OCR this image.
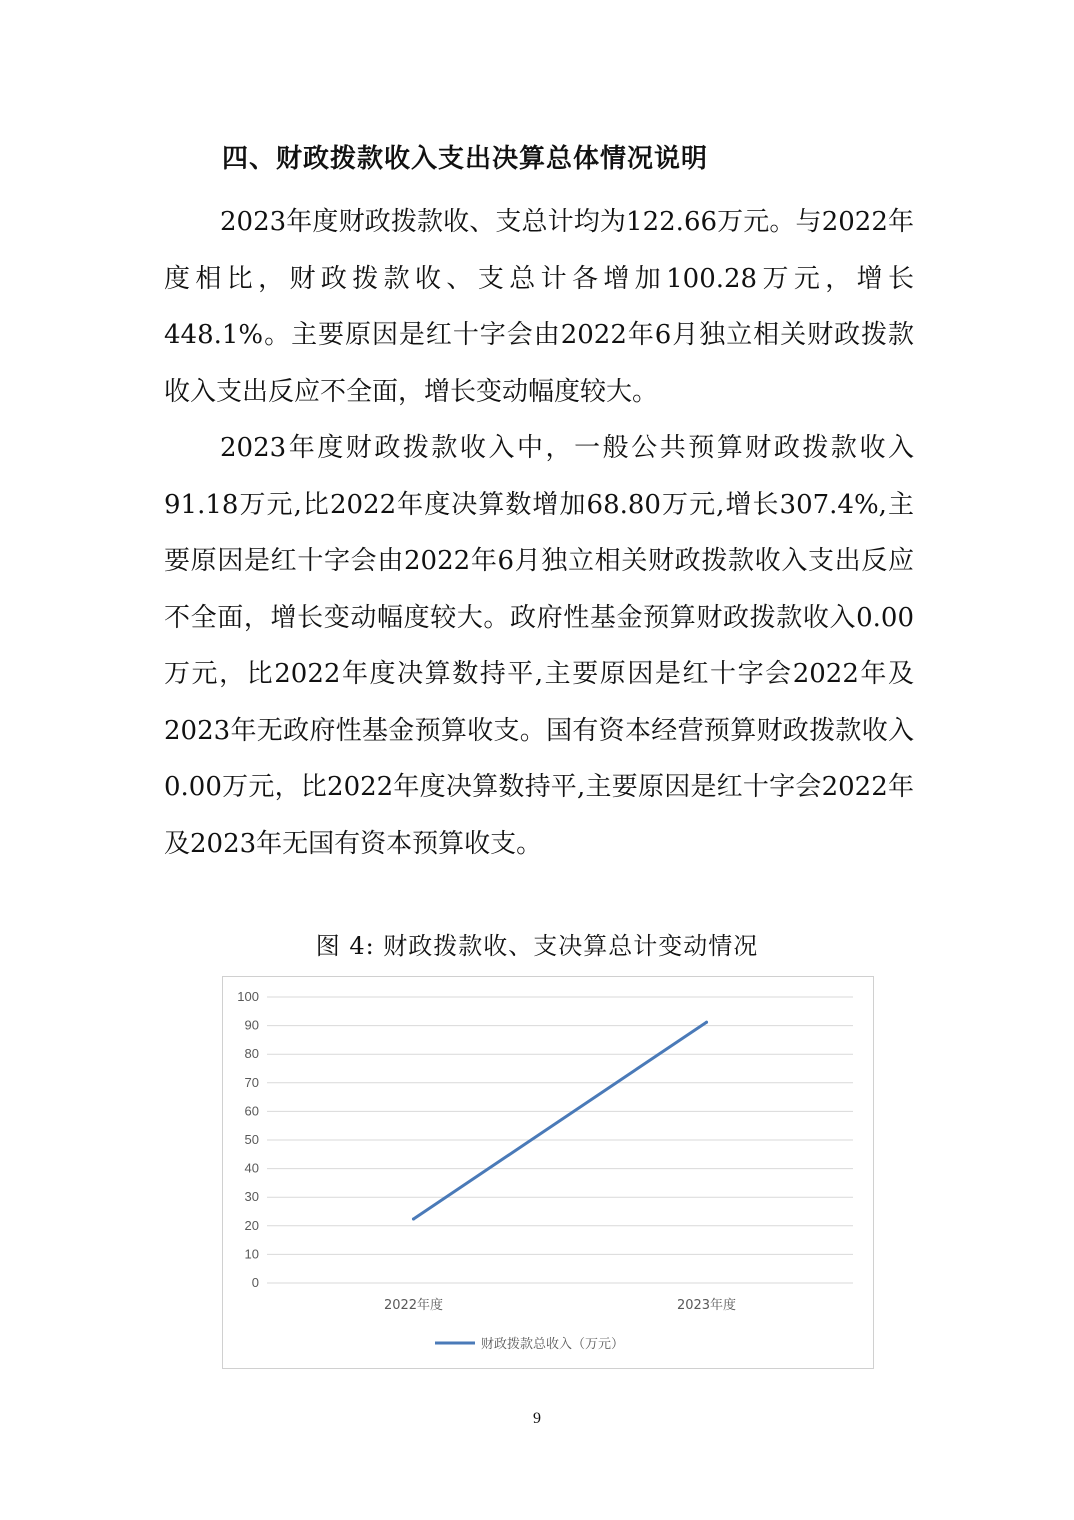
四、财政拨款收入支出决算总体情况说明

2023年度财政拨款收、支总计均为122.66万元。与2022年度相比，财政拨款收、支总计各增加100.28万元，增长448.1%。主要原因是红十字会由2022年6月独立相关财政拨款收入支出反应不全面，增长变动幅度较大。

2023年度财政拨款收入中，一般公共预算财政拨款收入91.18万元,比2022年度决算数增加68.80万元,增长307.4%,主要原因是红十字会由2022年6月独立相关财政拨款收入支出反应不全面，增长变动幅度较大。政府性基金预算财政拨款收入0.00万元，比2022年度决算数持平,主要原因是红十字会2022年及2023年无政府性基金预算收支。国有资本经营预算财政拨款收入0.00万元，比2022年度决算数持平,主要原因是红十字会2022年及2023年无国有资本预算收支。

图 4: 财政拨款收、支决算总计变动情况
0
10
20
30
40
50
60
70
80
90
100
2022年度	2023年度
财政拨款总收入（万元）
9
